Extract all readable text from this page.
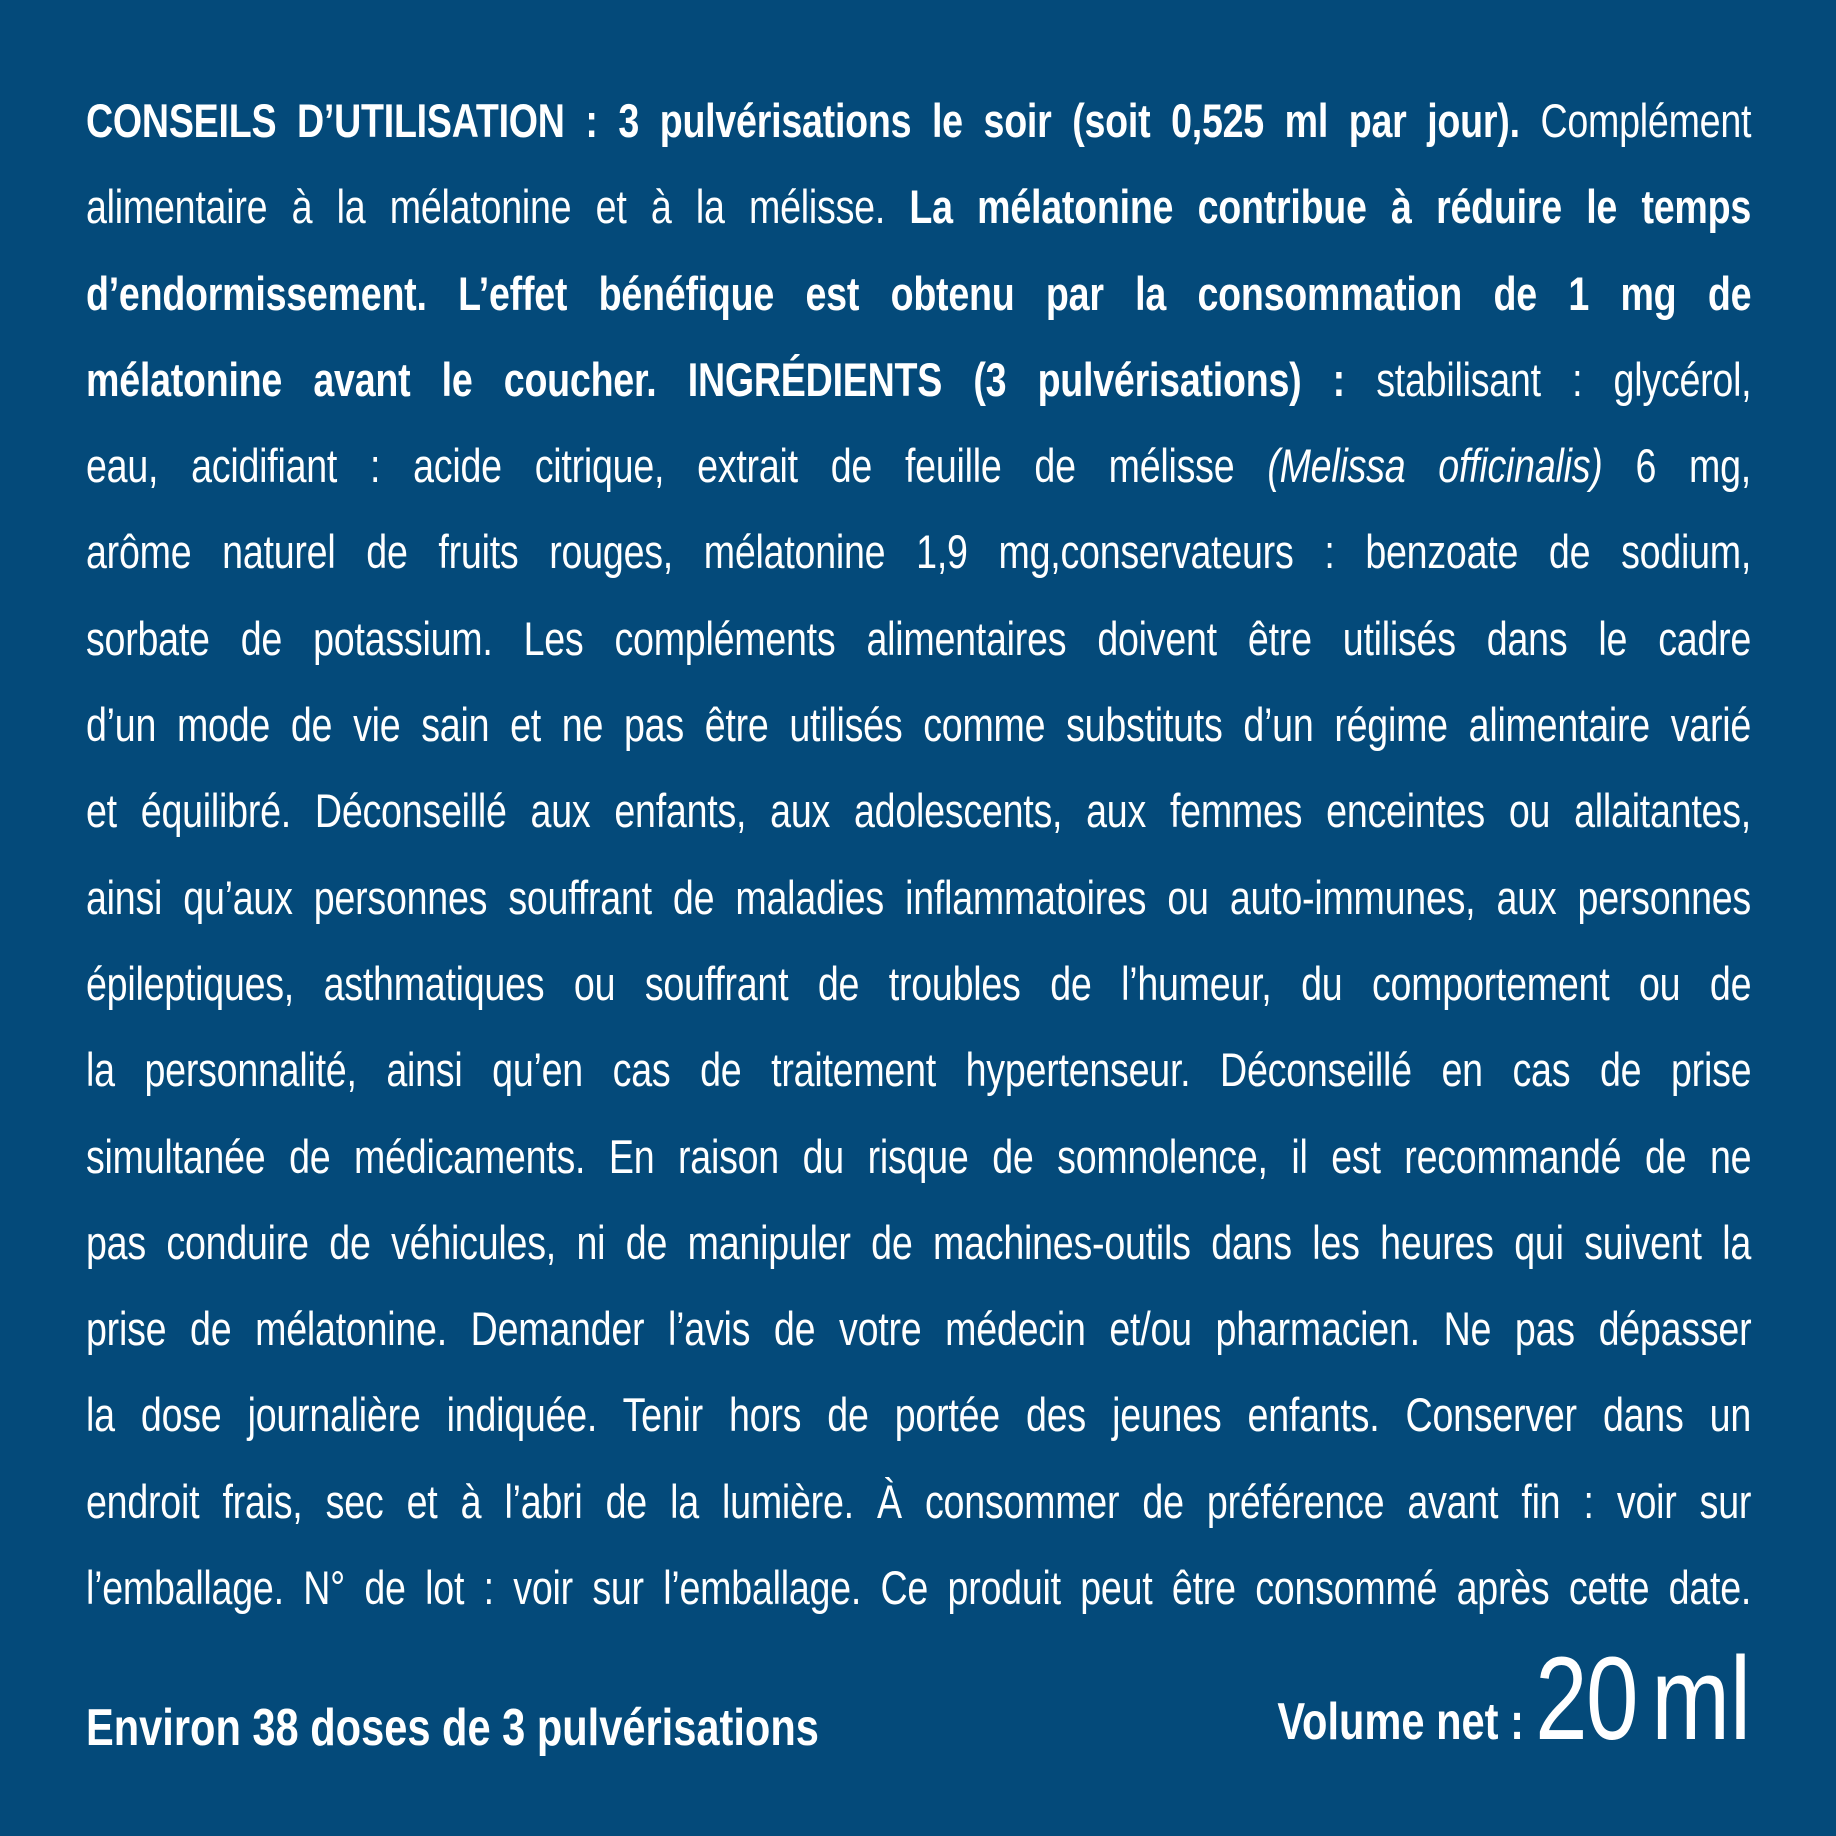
CONSEILS D’UTILISATION : 3 pulvérisations le soir (soit 0,525 ml par jour). Complément
alimentaire à la mélatonine et à la mélisse. La mélatonine contribue à réduire le temps
d’endormissement. L’effet bénéfique est obtenu par la consommation de 1 mg de
mélatonine avant le coucher. INGRÉDIENTS (3 pulvérisations) : stabilisant : glycérol,
eau, acidifiant : acide citrique, extrait de feuille de mélisse (Melissa officinalis) 6 mg,
arôme naturel de fruits rouges, mélatonine 1,9 mg,conservateurs : benzoate de sodium,
sorbate de potassium. Les compléments alimentaires doivent être utilisés dans le cadre
d’un mode de vie sain et ne pas être utilisés comme substituts d’un régime alimentaire varié
et équilibré. Déconseillé aux enfants, aux adolescents, aux femmes enceintes ou allaitantes,
ainsi qu’aux personnes souffrant de maladies inflammatoires ou auto-immunes, aux personnes
épileptiques, asthmatiques ou souffrant de troubles de l’humeur, du comportement ou de
la personnalité, ainsi qu’en cas de traitement hypertenseur. Déconseillé en cas de prise
simultanée de médicaments. En raison du risque de somnolence, il est recommandé de ne
pas conduire de véhicules, ni de manipuler de machines-outils dans les heures qui suivent la
prise de mélatonine. Demander l’avis de votre médecin et/ou pharmacien. Ne pas dépasser
la dose journalière indiquée. Tenir hors de portée des jeunes enfants. Conserver dans un
endroit frais, sec et à l’abri de la lumière. À consommer de préférence avant fin : voir sur
l’emballage. N° de lot : voir sur l’emballage. Ce produit peut être consommé après cette date.
Environ 38 doses de 3 pulvérisations	Volume net : 20 ml
